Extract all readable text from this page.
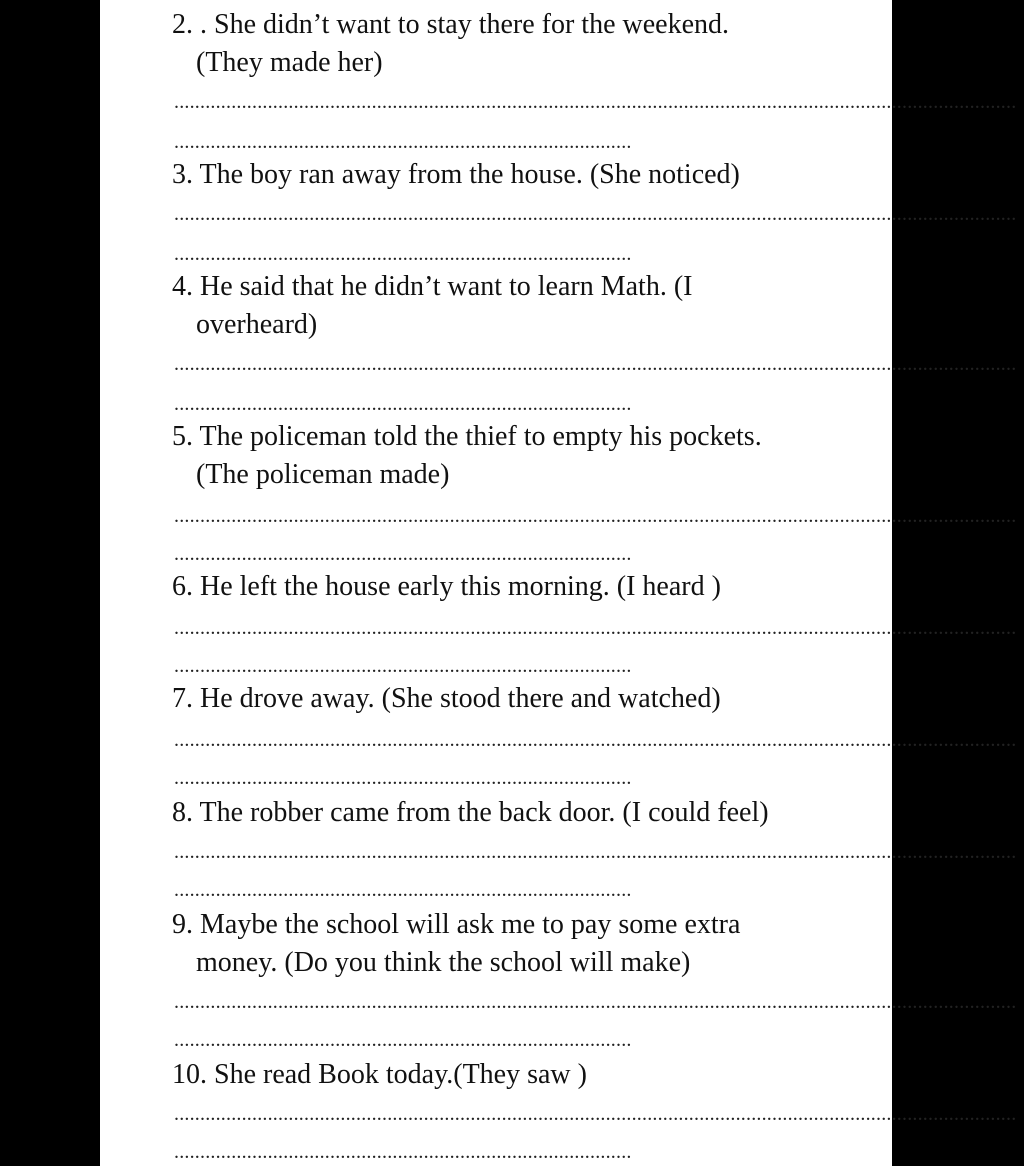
2. . She didn’t want to stay there for the weekend.
(They made her)
..................................................................................................................................................................
........................................................................................
3. The boy ran away from the house. (She noticed)
..................................................................................................................................................................
........................................................................................
4. He said that he didn’t want to learn Math. (I
overheard)
..................................................................................................................................................................
........................................................................................
5. The policeman told the thief to empty his pockets.
(The policeman made)
..................................................................................................................................................................
........................................................................................
6. He left the house early this morning. (I heard )
..................................................................................................................................................................
........................................................................................
7. He drove away. (She stood there and watched)
..................................................................................................................................................................
........................................................................................
8. The robber came from the back door. (I could feel)
..................................................................................................................................................................
........................................................................................
9. Maybe the school will ask me to pay some extra
money. (Do you think the school will make)
..................................................................................................................................................................
........................................................................................
10. She read Book today.(They saw )
..................................................................................................................................................................
........................................................................................
